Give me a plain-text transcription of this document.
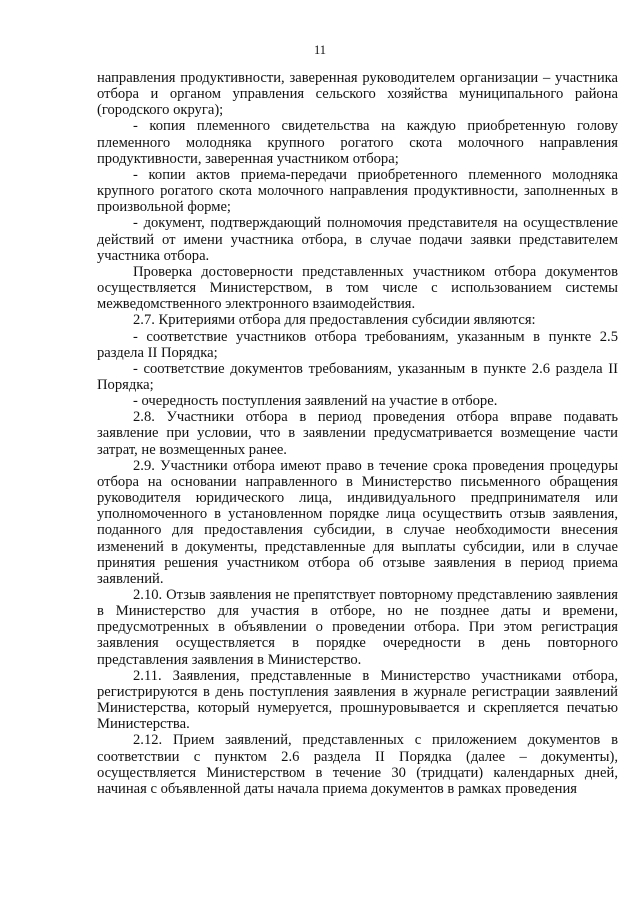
11

направления продуктивности, заверенная руководителем организации – участника отбора и органом управления сельского хозяйства муниципального района (городского округа);

- копия племенного свидетельства на каждую приобретенную голову племенного молодняка крупного рогатого скота молочного направления продуктивности, заверенная участником отбора;

- копии актов приема-передачи приобретенного племенного молодняка крупного рогатого скота молочного направления продуктивности, заполненных в произвольной форме;

- документ, подтверждающий полномочия представителя на осуществление действий от имени участника отбора, в случае подачи заявки представителем участника отбора.

Проверка достоверности представленных участником отбора документов осуществляется Министерством, в том числе с использованием системы межведомственного электронного взаимодействия.

2.7. Критериями отбора для предоставления субсидии являются:

- соответствие участников отбора требованиям, указанным в пункте 2.5 раздела II Порядка;

- соответствие документов требованиям, указанным в пункте 2.6 раздела II Порядка;

- очередность поступления заявлений на участие в отборе.

2.8. Участники отбора в период проведения отбора вправе подавать заявление при условии, что в заявлении предусматривается возмещение части затрат, не возмещенных ранее.

2.9. Участники отбора имеют право в течение срока проведения процедуры отбора на основании направленного в Министерство письменного обращения руководителя юридического лица, индивидуального предпринимателя или уполномоченного в установленном порядке лица осуществить отзыв заявления, поданного для предоставления субсидии, в случае необходимости внесения изменений в документы, представленные для выплаты субсидии, или в случае принятия решения участником отбора об отзыве заявления в период приема заявлений.

2.10. Отзыв заявления не препятствует повторному представлению заявления в Министерство для участия в отборе, но не позднее даты и времени, предусмотренных в объявлении о проведении отбора. При этом регистрация заявления осуществляется в порядке очередности в день повторного представления заявления в Министерство.

2.11. Заявления, представленные в Министерство участниками отбора, регистрируются в день поступления заявления в журнале регистрации заявлений Министерства, который нумеруется, прошнуровывается и скрепляется печатью Министерства.

2.12. Прием заявлений, представленных с приложением документов в соответствии с пунктом 2.6 раздела II Порядка (далее – документы), осуществляется Министерством в течение 30 (тридцати) календарных дней, начиная с объявленной даты начала приема документов в рамках проведения
